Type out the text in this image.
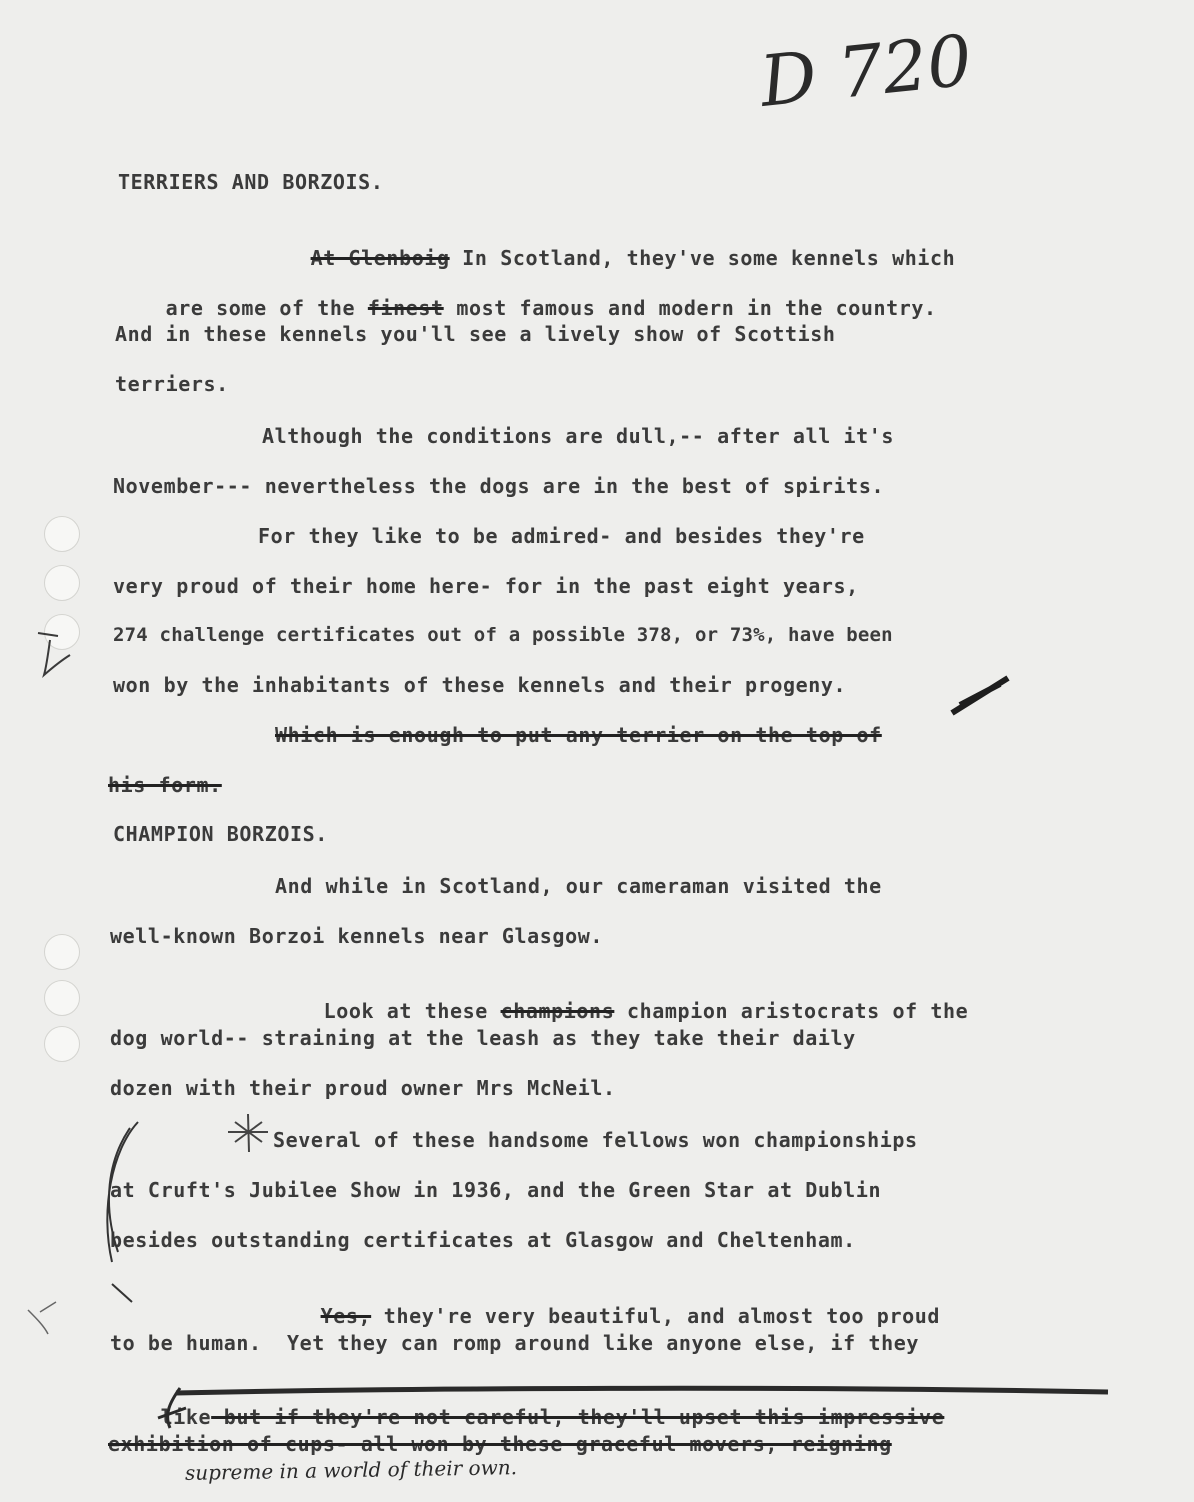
D 720
TERRIERS AND BORZOIS.

At Glenboig In Scotland, they've some kennels which

are some of the finest most famous and modern in the country.

And in these kennels you'll see a lively show of Scottish
terriers.
Although the conditions are dull,-- after all it's
November--- nevertheless the dogs are in the best of spirits.
For they like to be admired- and besides they're
very proud of their home here- for in the past eight years,
274 challenge certificates out of a possible 378, or 73%, have been
won by the inhabitants of these kennels and their progeny.
Which is enough to put any terrier on the top of
his form.
CHAMPION BORZOIS.
And while in Scotland, our cameraman visited the
well-known Borzoi kennels near Glasgow.

Look at these champions champion aristocrats of the

dog world-- straining at the leash as they take their daily
dozen with their proud owner Mrs McNeil.
Several of these handsome fellows won championships
at Cruft's Jubilee Show in 1936, and the Green Star at Dublin
besides outstanding certificates at Glasgow and Cheltenham.

Yes, they're very beautiful, and almost too proud

to be human.  Yet they can romp around like anyone else, if they

like but if they're not careful, they'll upset this impressive

exhibition of cups- all won by these graceful movers, reigning
supreme in a world of their own.
